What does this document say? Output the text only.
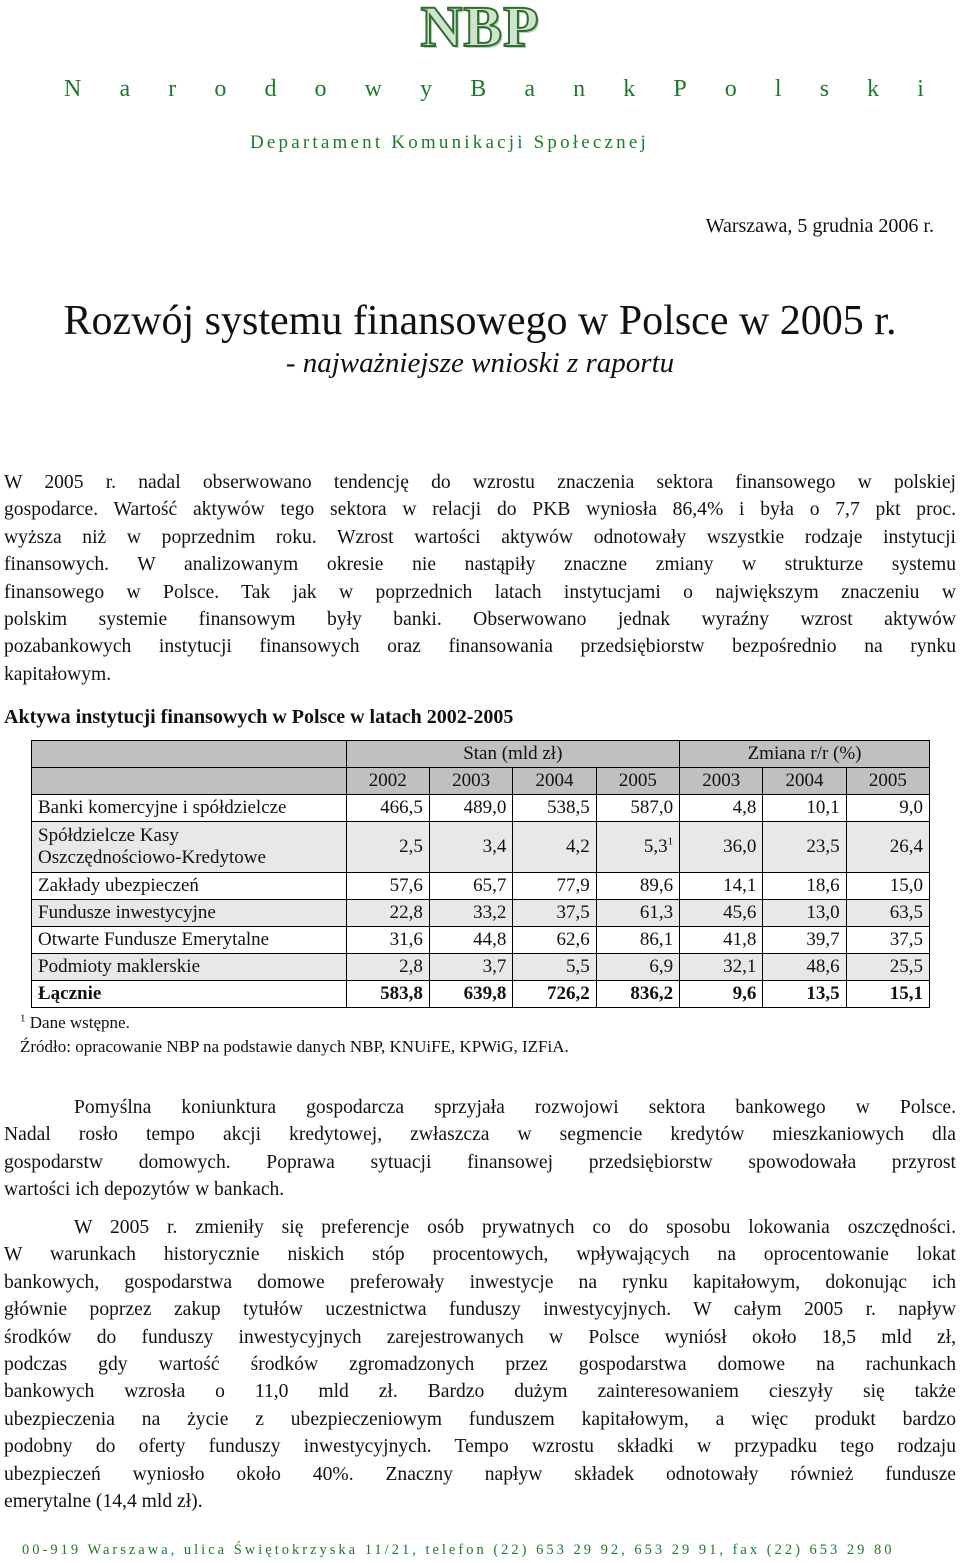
NBP
N a r o d o w y B a n k P o l s k i
Departament Komunikacji Społecznej
Warszawa, 5 grudnia 2006 r.
Rozwój systemu finansowego w Polsce w 2005 r.
- najważniejsze wnioski z raportu
W 2005 r. nadal obserwowano tendencję do wzrostu znaczenia sektora finansowego w polskiej
gospodarce. Wartość aktywów tego sektora w relacji do PKB wyniosła 86,4% i była o 7,7 pkt proc.
wyższa niż w poprzednim roku. Wzrost wartości aktywów odnotowały wszystkie rodzaje instytucji
finansowych. W analizowanym okresie nie nastąpiły znaczne zmiany w strukturze systemu
finansowego w Polsce. Tak jak w poprzednich latach instytucjami o największym znaczeniu w
polskim systemie finansowym były banki. Obserwowano jednak wyraźny wzrost aktywów
pozabankowych instytucji finansowych oraz finansowania przedsiębiorstw bezpośrednio na rynku
kapitałowym.
Aktywa instytucji finansowych w Polsce w latach 2002-2005
	Stan (mld zł)				Zmiana r/r (%)		
	2002	2003	2004	2005	2003	2004	2005
Banki komercyjne i spółdzielcze	466,5	489,0	538,5	587,0	4,8	10,1	9,0

Spółdzielcze Kasy
Oszczędnościowo-Kredytowe	2,5	3,4	4,2	$5,3^1$	36,0	23,5	26,4
Zakłady ubezpieczeń	57,6	65,7	77,9	89,6	14,1	18,6	15,0
Fundusze inwestycyjne	22,8	33,2	37,5	61,3	45,6	13,0	63,5
Otwarte Fundusze Emerytalne	31,6	44,8	62,6	86,1	41,8	39,7	37,5
Podmioty maklerskie	2,8	3,7	5,5	6,9	32,1	48,6	25,5
Łącznie	583,8	639,8	726,2	836,2	9,6	13,5	15,1
$^1$ Dane wstępne.
Źródło: opracowanie NBP na podstawie danych NBP, KNUiFE, KPWiG, IZFiA.
Pomyślna koniunktura gospodarcza sprzyjała rozwojowi sektora bankowego w Polsce.
Nadal rosło tempo akcji kredytowej, zwłaszcza w segmencie kredytów mieszkaniowych dla
gospodarstw domowych. Poprawa sytuacji finansowej przedsiębiorstw spowodowała przyrost
wartości ich depozytów w bankach.
W 2005 r. zmieniły się preferencje osób prywatnych co do sposobu lokowania oszczędności.
W warunkach historycznie niskich stóp procentowych, wpływających na oprocentowanie lokat
bankowych, gospodarstwa domowe preferowały inwestycje na rynku kapitałowym, dokonując ich
głównie poprzez zakup tytułów uczestnictwa funduszy inwestycyjnych. W całym 2005 r. napływ
środków do funduszy inwestycyjnych zarejestrowanych w Polsce wyniósł około 18,5 mld zł,
podczas gdy wartość środków zgromadzonych przez gospodarstwa domowe na rachunkach
bankowych wzrosła o 11,0 mld zł. Bardzo dużym zainteresowaniem cieszyły się także
ubezpieczenia na życie z ubezpieczeniowym funduszem kapitałowym, a więc produkt bardzo
podobny do oferty funduszy inwestycyjnych. Tempo wzrostu składki w przypadku tego rodzaju
ubezpieczeń wyniosło około 40%. Znaczny napływ składek odnotowały również fundusze
emerytalne (14,4 mld zł).
00-919 Warszawa, ulica Świętokrzyska 11/21, telefon (22) 653 29 92, 653 29 91, fax (22) 653 29 80
